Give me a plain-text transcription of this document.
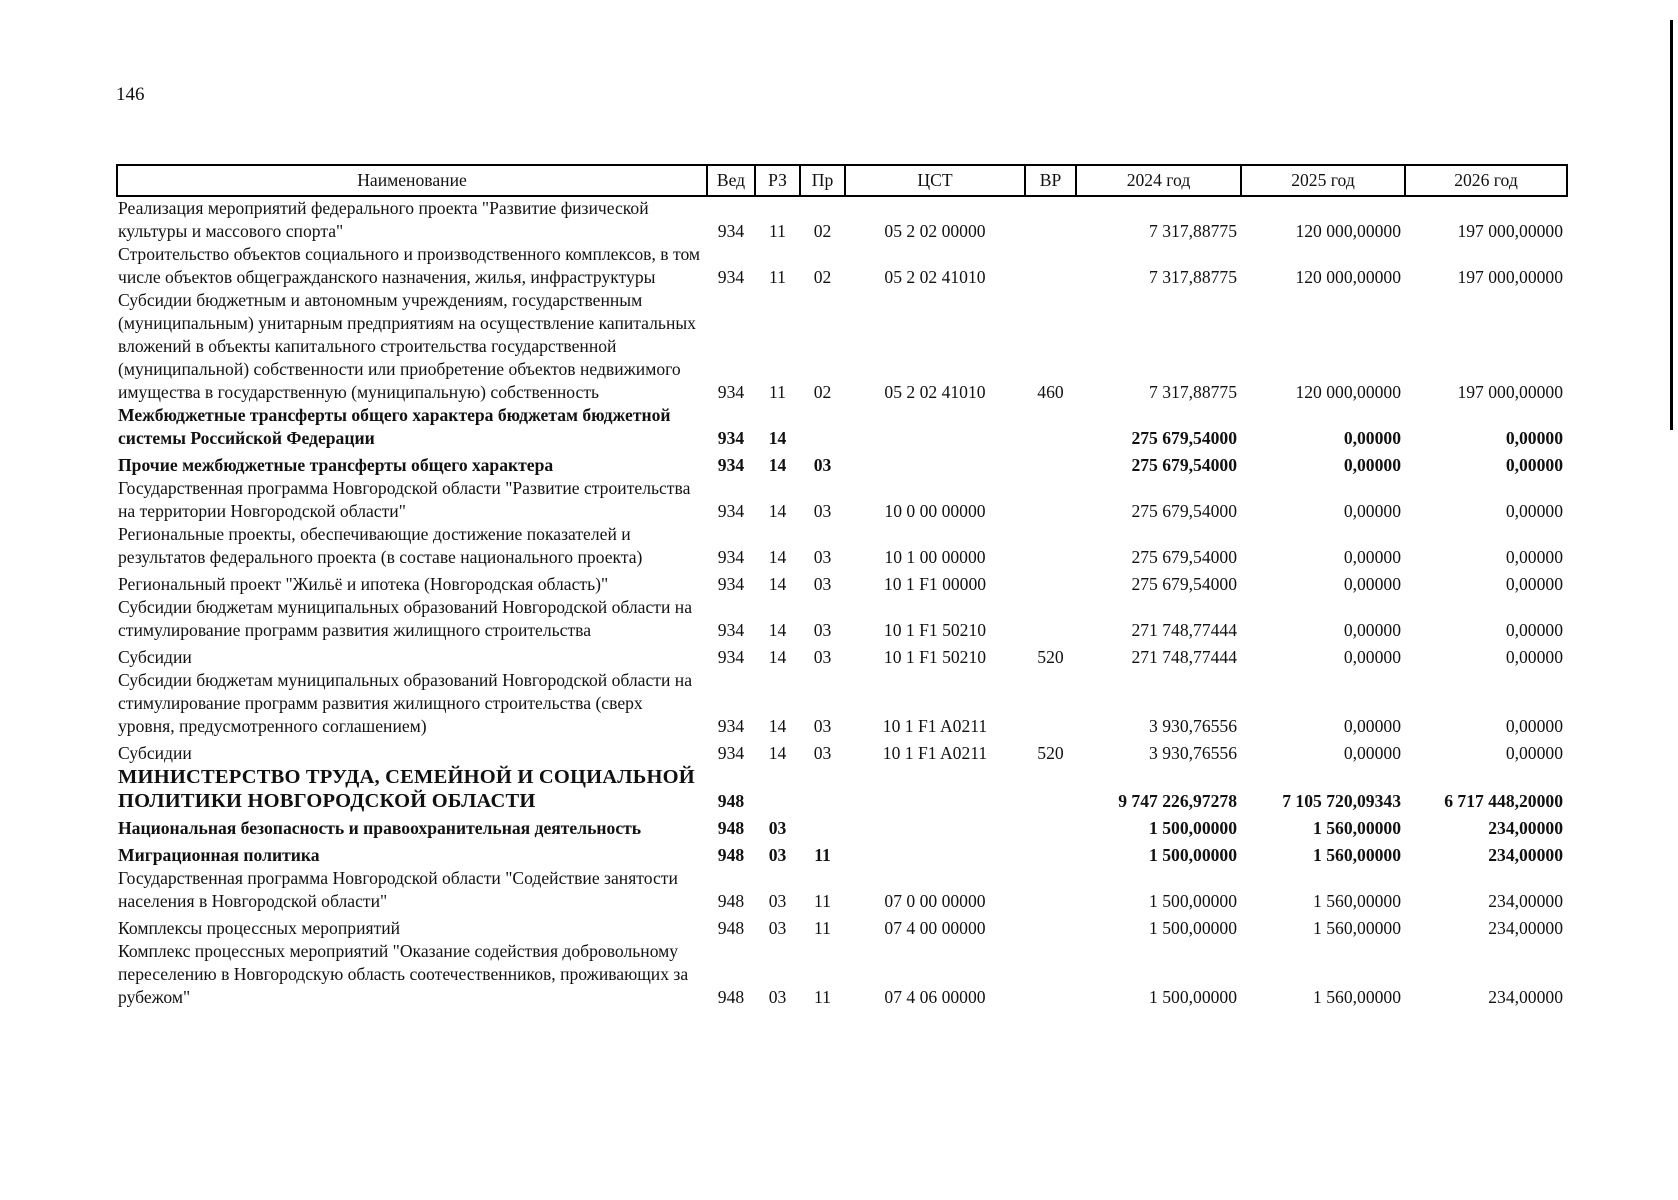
146
Наименование	Вед	РЗ	Пр	ЦСТ	ВР	2024 год	2025 год	2026 год
Реализация мероприятий федерального проекта "Развитие физической культуры и массового спорта"	934	11	02	05 2 02 00000		7 317,88775	120 000,00000	197 000,00000
Строительство объектов социального и производственного комплексов, в том числе объектов общегражданского назначения, жилья, инфраструктуры	934	11	02	05 2 02 41010		7 317,88775	120 000,00000	197 000,00000
Субсидии бюджетным и автономным учреждениям, государственным (муниципальным) унитарным предприятиям на осуществление капитальных вложений в объекты капитального строительства государственной (муниципальной) собственности или приобретение объектов недвижимого имущества в государственную (муниципальную) собственность	934	11	02	05 2 02 41010	460	7 317,88775	120 000,00000	197 000,00000
Межбюджетные трансферты общего характера бюджетам бюджетной системы Российской Федерации	934	14				275 679,54000	0,00000	0,00000
Прочие межбюджетные трансферты общего характера	934	14	03			275 679,54000	0,00000	0,00000
Государственная программа Новгородской области "Развитие строительства на территории Новгородской области"	934	14	03	10 0 00 00000		275 679,54000	0,00000	0,00000
Региональные проекты, обеспечивающие достижение показателей и результатов федерального проекта (в составе национального проекта)	934	14	03	10 1 00 00000		275 679,54000	0,00000	0,00000
Региональный проект "Жильё и ипотека (Новгородская область)"	934	14	03	10 1 F1 00000		275 679,54000	0,00000	0,00000
Субсидии бюджетам муниципальных образований Новгородской области на стимулирование программ развития жилищного строительства	934	14	03	10 1 F1 50210		271 748,77444	0,00000	0,00000
Субсидии	934	14	03	10 1 F1 50210	520	271 748,77444	0,00000	0,00000
Субсидии бюджетам муниципальных образований Новгородской области на стимулирование программ развития жилищного строительства (сверх уровня, предусмотренного соглашением)	934	14	03	10 1 F1 A0211		3 930,76556	0,00000	0,00000
Субсидии	934	14	03	10 1 F1 A0211	520	3 930,76556	0,00000	0,00000
МИНИСТЕРСТВО ТРУДА, СЕМЕЙНОЙ И СОЦИАЛЬНОЙ ПОЛИТИКИ НОВГОРОДСКОЙ ОБЛАСТИ	948					9 747 226,97278	7 105 720,09343	6 717 448,20000
Национальная безопасность и правоохранительная деятельность	948	03				1 500,00000	1 560,00000	234,00000
Миграционная политика	948	03	11			1 500,00000	1 560,00000	234,00000
Государственная программа Новгородской области "Содействие занятости населения в Новгородской области"	948	03	11	07 0 00 00000		1 500,00000	1 560,00000	234,00000
Комплексы процессных мероприятий	948	03	11	07 4 00 00000		1 500,00000	1 560,00000	234,00000
Комплекс процессных мероприятий "Оказание содействия добровольному переселению в Новгородскую область соотечественников, проживающих за рубежом"	948	03	11	07 4 06 00000		1 500,00000	1 560,00000	234,00000
